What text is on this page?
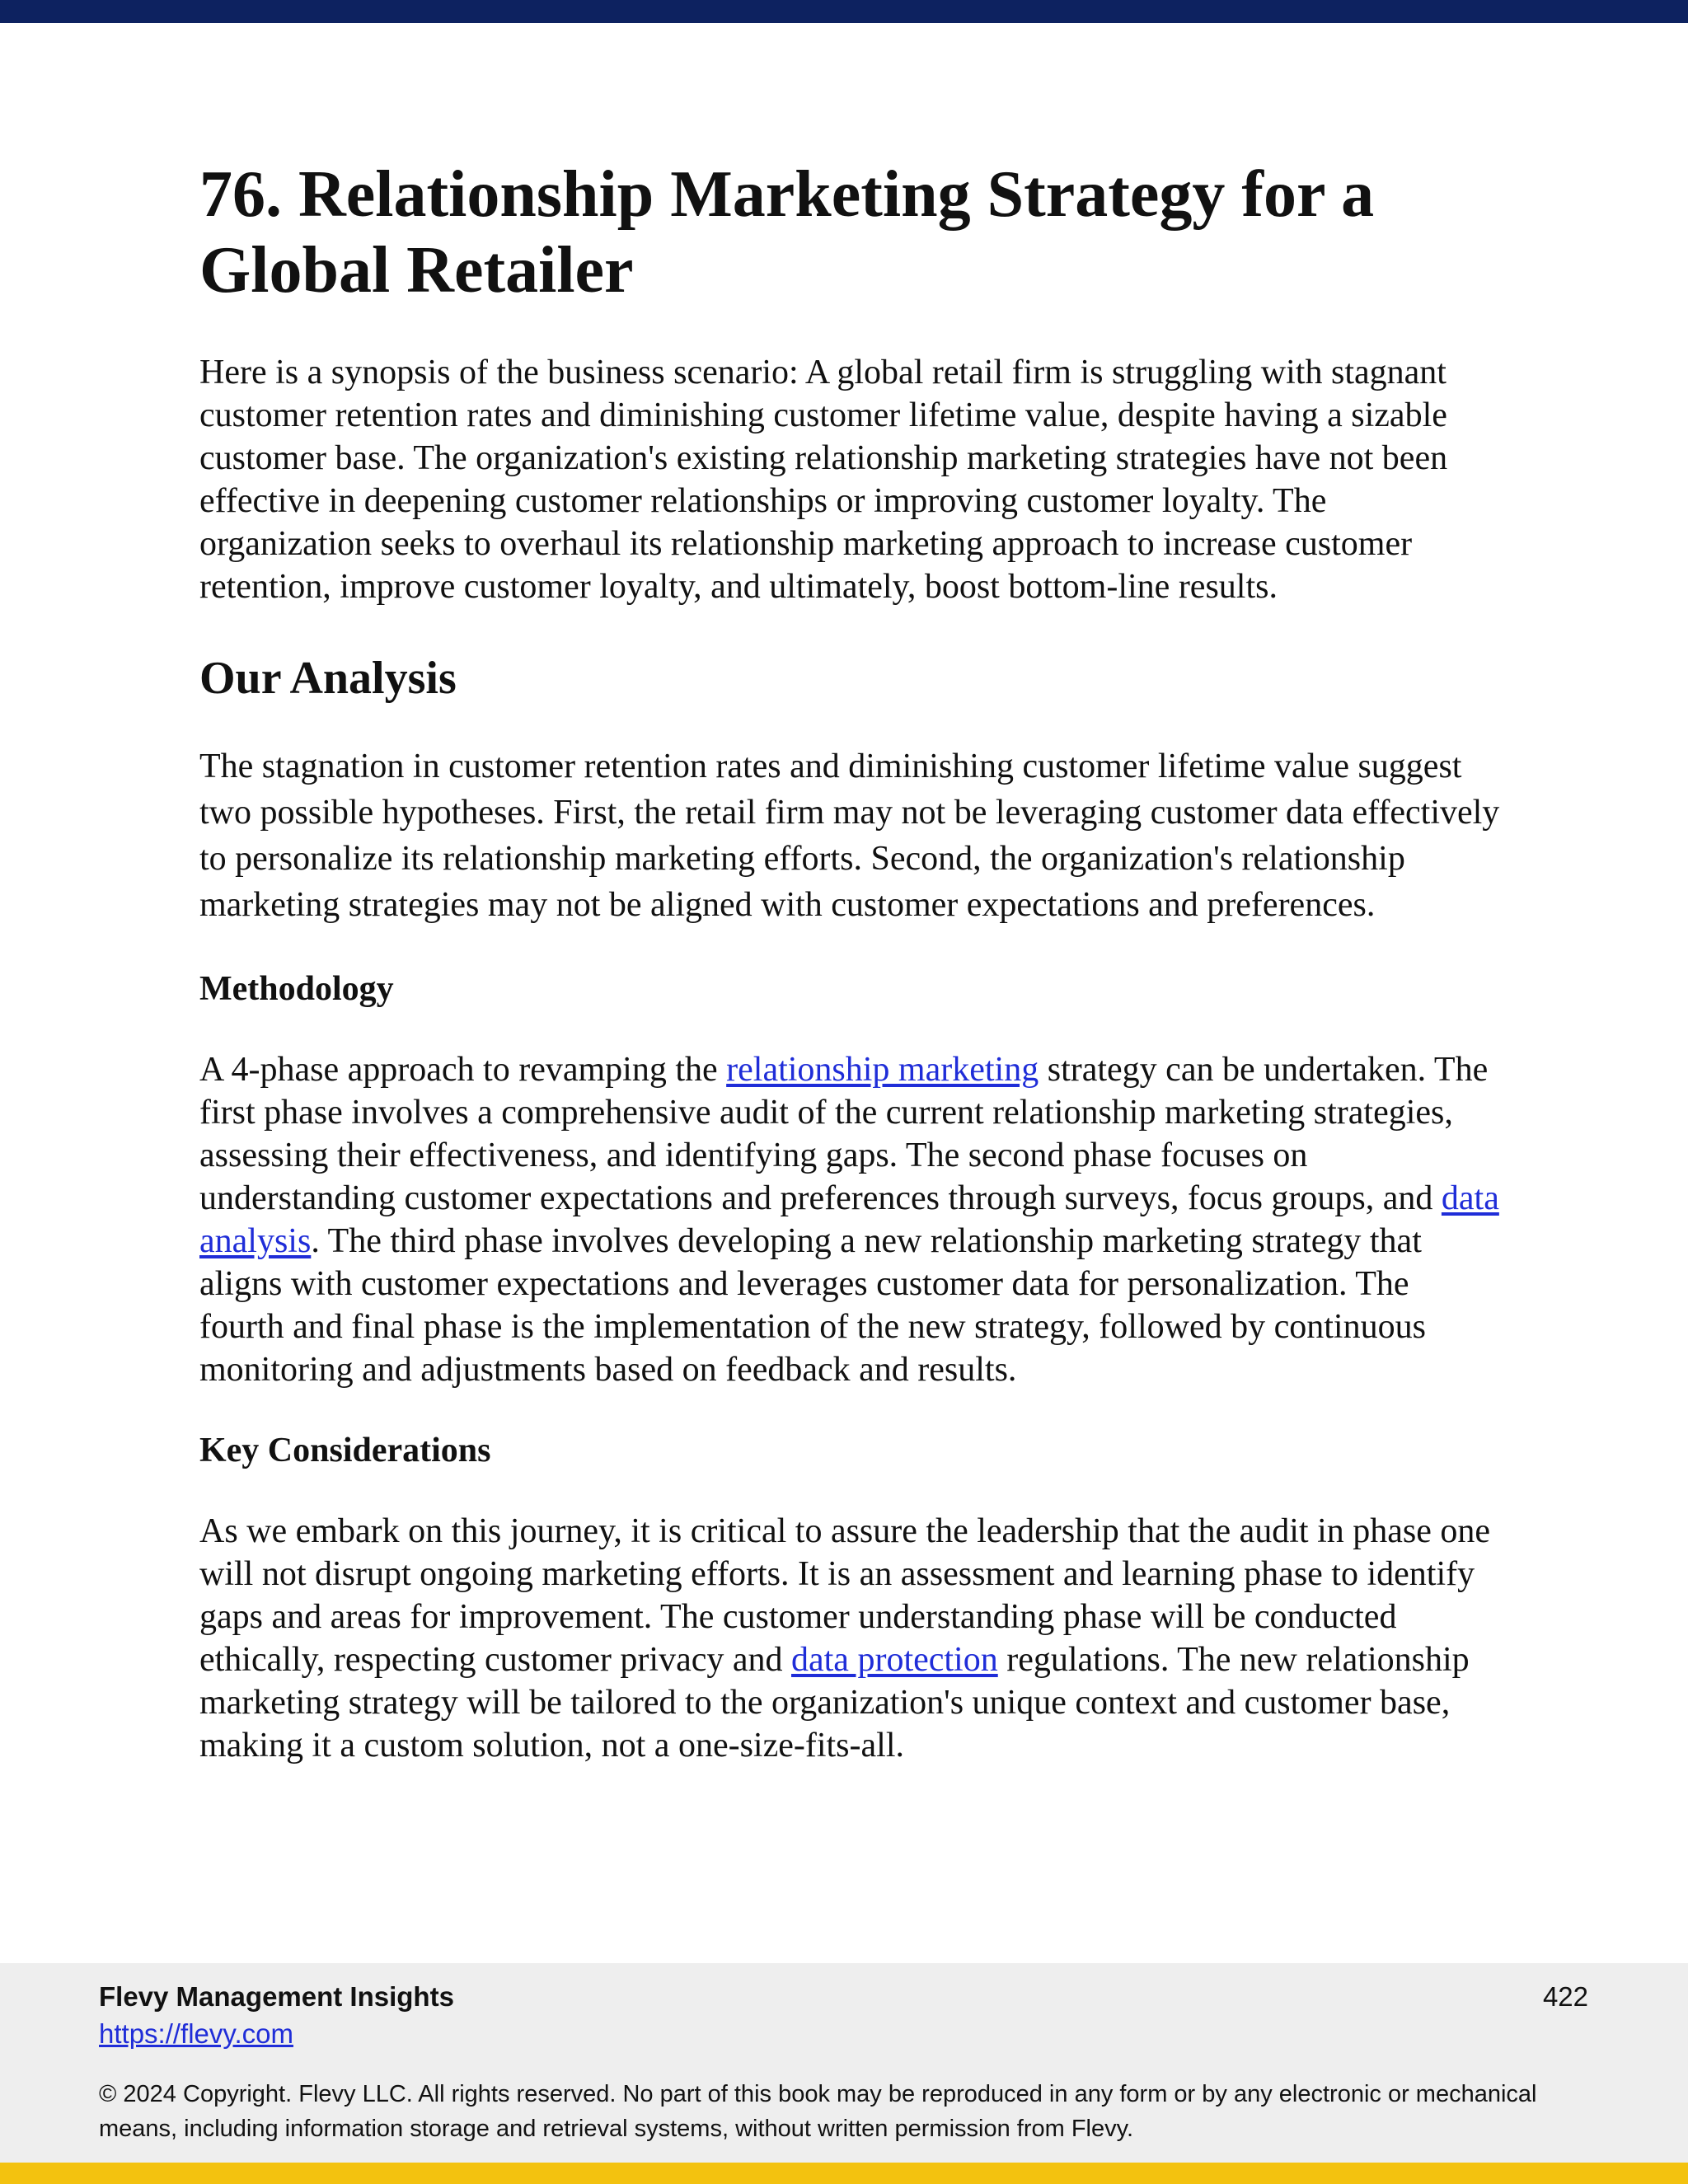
76. Relationship Marketing Strategy for a Global Retailer

Here is a synopsis of the business scenario: A global retail firm is struggling with stagnant customer retention rates and diminishing customer lifetime value, despite having a sizable customer base. The organization's existing relationship marketing strategies have not been effective in deepening customer relationships or improving customer loyalty. The organization seeks to overhaul its relationship marketing approach to increase customer retention, improve customer loyalty, and ultimately, boost bottom-line results.

Our Analysis

The stagnation in customer retention rates and diminishing customer lifetime value suggest two possible hypotheses. First, the retail firm may not be leveraging customer data effectively to personalize its relationship marketing efforts. Second, the organization's relationship marketing strategies may not be aligned with customer expectations and preferences.

Methodology

A 4-phase approach to revamping the relationship marketing strategy can be undertaken. The first phase involves a comprehensive audit of the current relationship marketing strategies, assessing their effectiveness, and identifying gaps. The second phase focuses on understanding customer expectations and preferences through surveys, focus groups, and data analysis. The third phase involves developing a new relationship marketing strategy that aligns with customer expectations and leverages customer data for personalization. The fourth and final phase is the implementation of the new strategy, followed by continuous monitoring and adjustments based on feedback and results.

Key Considerations

As we embark on this journey, it is critical to assure the leadership that the audit in phase one will not disrupt ongoing marketing efforts. It is an assessment and learning phase to identify gaps and areas for improvement. The customer understanding phase will be conducted ethically, respecting customer privacy and data protection regulations. The new relationship marketing strategy will be tailored to the organization's unique context and customer base, making it a custom solution, not a one-size-fits-all.

Flevy Management Insights
https://flevy.com
422
© 2024 Copyright. Flevy LLC. All rights reserved. No part of this book may be reproduced in any form or by any electronic or mechanical means, including information storage and retrieval systems, without written permission from Flevy.
